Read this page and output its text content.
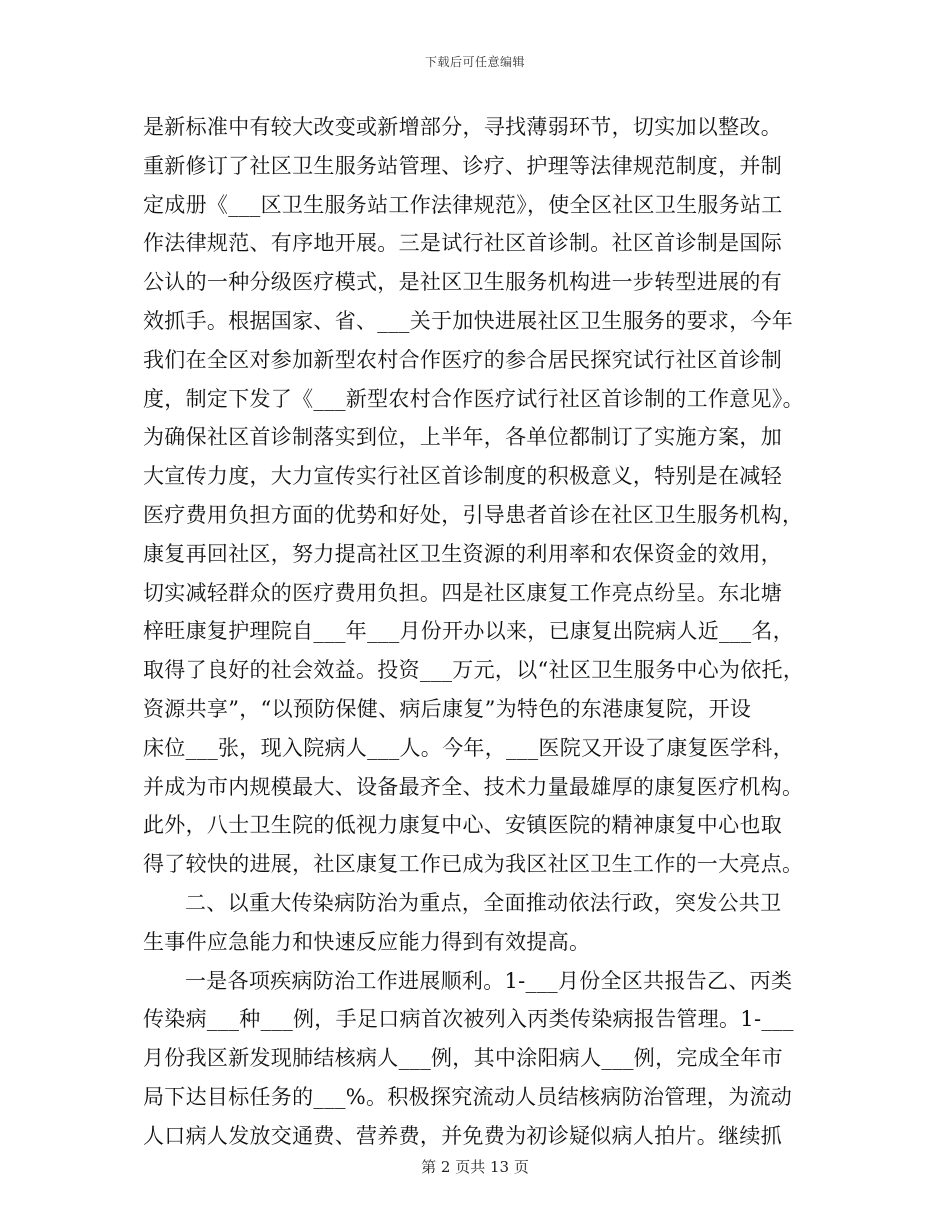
下载后可任意编辑
是新标准中有较大改变或新增部分，寻找薄弱环节，切实加以整改。
重新修订了社区卫生服务站管理、诊疗、护理等法律规范制度，并制
定成册《___区卫生服务站工作法律规范》，使全区社区卫生服务站工
作法律规范、有序地开展。三是试行社区首诊制。社区首诊制是国际
公认的一种分级医疗模式，是社区卫生服务机构进一步转型进展的有
效抓手。根据国家、省、___关于加快进展社区卫生服务的要求，今年
我们在全区对参加新型农村合作医疗的参合居民探究试行社区首诊制
度，制定下发了《___新型农村合作医疗试行社区首诊制的工作意见》。
为确保社区首诊制落实到位，上半年，各单位都制订了实施方案，加
大宣传力度，大力宣传实行社区首诊制度的积极意义，特别是在减轻
医疗费用负担方面的优势和好处，引导患者首诊在社区卫生服务机构，
康复再回社区，努力提高社区卫生资源的利用率和农保资金的效用，
切实减轻群众的医疗费用负担。四是社区康复工作亮点纷呈。东北塘
梓旺康复护理院自___年___月份开办以来，已康复出院病人近___名，
取得了良好的社会效益。投资___万元，以“社区卫生服务中心为依托，
资源共享”，“以预防保健、病后康复”为特色的东港康复院，开设
床位___张，现入院病人___人。今年，___医院又开设了康复医学科，
并成为市内规模最大、设备最齐全、技术力量最雄厚的康复医疗机构。
此外，八士卫生院的低视力康复中心、安镇医院的精神康复中心也取
得了较快的进展，社区康复工作已成为我区社区卫生工作的一大亮点。
二、以重大传染病防治为重点，全面推动依法行政，突发公共卫
生事件应急能力和快速反应能力得到有效提高。
一是各项疾病防治工作进展顺利。1-___月份全区共报告乙、丙类
传染病___种___例，手足口病首次被列入丙类传染病报告管理。1-___
月份我区新发现肺结核病人___例，其中涂阳病人___例，完成全年市
局下达目标任务的___%。积极探究流动人员结核病防治管理，为流动
人口病人发放交通费、营养费，并免费为初诊疑似病人拍片。继续抓
第 2 页共 13 页
